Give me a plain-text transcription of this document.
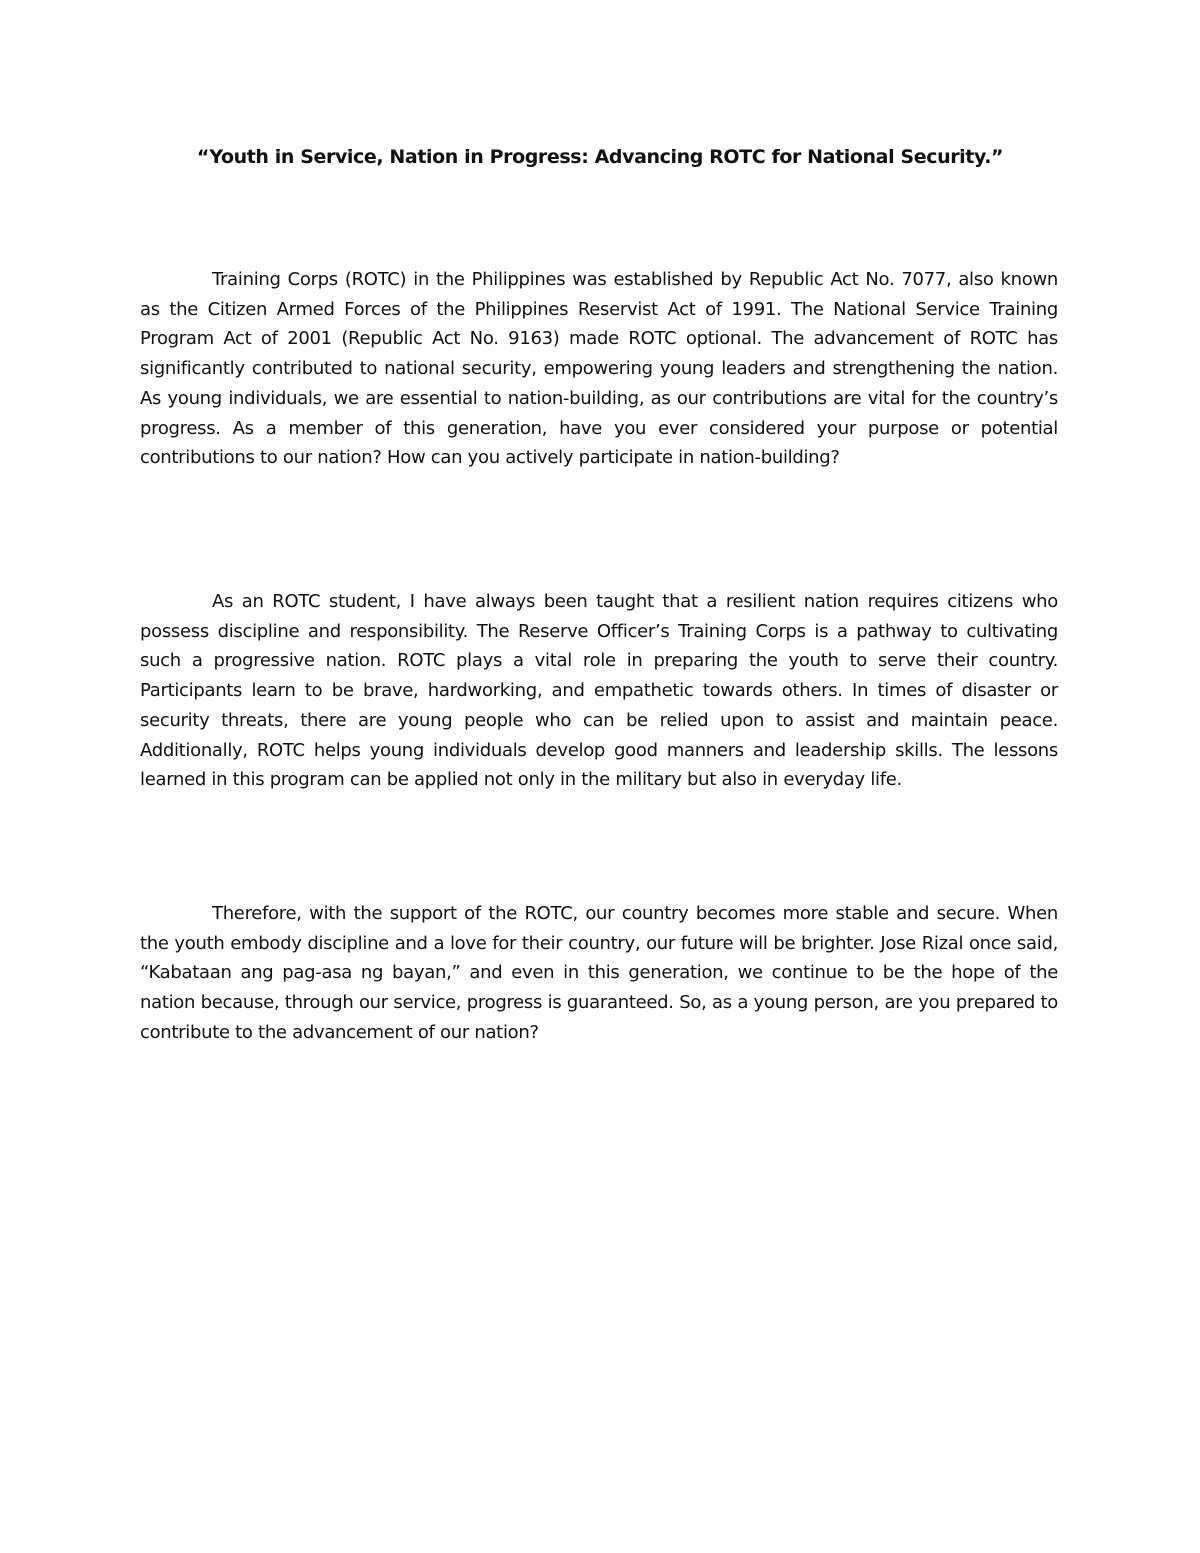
“Youth in Service, Nation in Progress: Advancing ROTC for National Security.”

Training Corps (ROTC) in the Philippines was established by Republic Act No. 7077, also known as the Citizen Armed Forces of the Philippines Reservist Act of 1991. The National Service Training Program Act of 2001 (Republic Act No. 9163) made ROTC optional. The advancement of ROTC has significantly contributed to national security, empowering young leaders and strengthening the nation. As young individuals, we are essential to nation-building, as our contributions are vital for the country’s progress. As a member of this generation, have you ever considered your purpose or potential contributions to our nation? How can you actively participate in nation-building?

As an ROTC student, I have always been taught that a resilient nation requires citizens who possess discipline and responsibility. The Reserve Officer’s Training Corps is a pathway to cultivating such a progressive nation. ROTC plays a vital role in preparing the youth to serve their country. Participants learn to be brave, hardworking, and empathetic towards others. In times of disaster or security threats, there are young people who can be relied upon to assist and maintain peace. Additionally, ROTC helps young individuals develop good manners and leadership skills. The lessons learned in this program can be applied not only in the military but also in everyday life.

Therefore, with the support of the ROTC, our country becomes more stable and secure. When the youth embody discipline and a love for their country, our future will be brighter. Jose Rizal once said, “Kabataan ang pag-asa ng bayan,” and even in this generation, we continue to be the hope of the nation because, through our service, progress is guaranteed. So, as a young person, are you prepared to contribute to the advancement of our nation?
